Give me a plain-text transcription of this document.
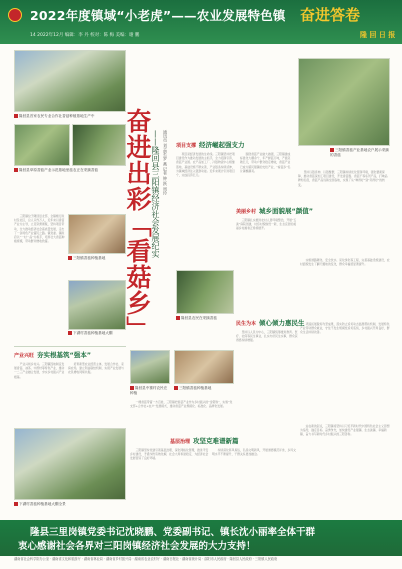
2022年度镇域“小老虎”——农业发展特色镇 奋进答卷
隆 回 日 报
14 2022年12月 编辑：李 丹 校对：陈 梅 美编：谢 鹏
隆回县首家农民专业合作社香菇种植基地生产中
隆回县草原香菇产业示范基地里菇农正在采摘香菇
　　三阳镇位于隆回县北部，全镇辖行政村及社区，总人口约万人，近年来以香菇产业为主导，立足资源禀赋，坚持项目带动，全力推动经济社会高质量发展，走出了一条特色产业富民之路。镇党委、镇政府以“一村一品”为抓手，培育壮大香菇种植规模，带动群众增收致富。
三阳镇香菇种植基地
下湖村香菇种植基地大棚 奋进出彩「看菇乡」 ——隆回县三阳镇经济社会发展纪实 通讯员 刘孟宏 罗 燕 记者 钟 跃 周玲 项目支撑 经济崛起强支力
　　项目是经济发展的生命线。三阳镇坚持把项目建设作为推动发展的主抓手，全力招商引资，香菇产业园、农产品加工厂、冷链物流中心相继落地，基础设施不断完善，产业链条持续延伸，为镇域经济注入强劲动能。近年来累计引进项目个，完成投资亿元。
　　围绕香菇产业做大做强，三阳镇建成标准化大棚余个，年产鲜菇万吨，产值突破亿元，带动户群众稳定增收，香菇产业已成为富民强镇的支柱产业，“看菇乡”名片越擦越亮。
三阳镇香菇产业基地农户展示采摘的香菇
　　坚持以链延伸、以链聚群，三阳镇持续优化营商环境，强化要素保障，推动香菇深加工项目建设，开发香菇酱、香菇干等系列产品，打响品牌知名度，香菇产品远销全国各地，实现了从“种得好”到“卖得好”的转变。
隆回县农民在采摘香菇
美丽乡村 城乡面貌展“颜值”
　　三阳镇扎实推进农村人居环境整治，开展“五美”庭院创建，村容村貌焕然一新，生态宜居的美丽乡村画卷正徐徐展开。
　　实施道路硬化、安全饮水、亮化绿化等工程，完善基础设施建设，农村面貌发生了翻天覆地的变化，群众幸福感显著提升。
民生为本 倾心倾力惠民生
　　坚持以人民为中心，三阳镇统筹推进教育、医疗、社保等民生事业，扎实办好民生实事，群众获得感持续增强。
　　巩固拓展脱贫攻坚成果，落实防止返贫动态监测帮扶机制，发展特色产业带动群众就业，守住不发生规模性返贫底线，乡村振兴开局良好，群众生活持续改善。
产业兴旺 夯实根基筑“强本”
　　产业兴则乡村兴。三阳镇因地制宜发展香菇、油茶、中药材等特色产业，推动一二三产业融合发展，夯实乡村振兴产业根基。
　　培育新型农业经营主体，发展合作社、家庭农场，建立利益联结机制，实现产业发展与农民增收同频共振。
下湖村香菇种植基地大棚全景
隆回县中寨村农民在种植
三阳镇香菇种植基地
　　一棵香菇带富一方百姓，三阳镇把香菇产业作为乡村振兴的“金钥匙”，实施“党支部+合作社+农户”发展模式，推动香菇产业规模化、标准化、品牌化发展。
基层治理 攻坚克难谱新篇
　　三阳镇坚持党建引领基层治理，深化网格化管理，推进平安乡村建设，矛盾纠纷有效化解，社会大局和谐稳定，为经济社会发展营造了良好环境。
　　持续深化移风易俗，弘扬文明新风，开展道德模范评选，乡风文明水平不断提升，干群关系更加融洽。
　　站在新的起点，三阳镇将坚持以习近平新时代中国特色社会主义思想为指导，锚定目标、奋勇争先，加快建设产业强镇、生态美镇、幸福新镇，奋力书写新时代乡村振兴的三阳答卷。
隆县三里岗镇党委书记沈晓鹏、党委副书记、镇长沈小丽率全体干群
衷心感谢社会各界对三阳岗镇经济社会发展的大力支持！
湖南省社会科学院办公室 · 湖南省文化和旅游厅 · 湖南省林业局 · 湖南省乡村振兴局 · 湖南省农业农村厅 · 湖南日报社 · 湖南省统计局 · 邵阳市人民政府 · 隆回县人民政府 · 三阳镇人民政府
